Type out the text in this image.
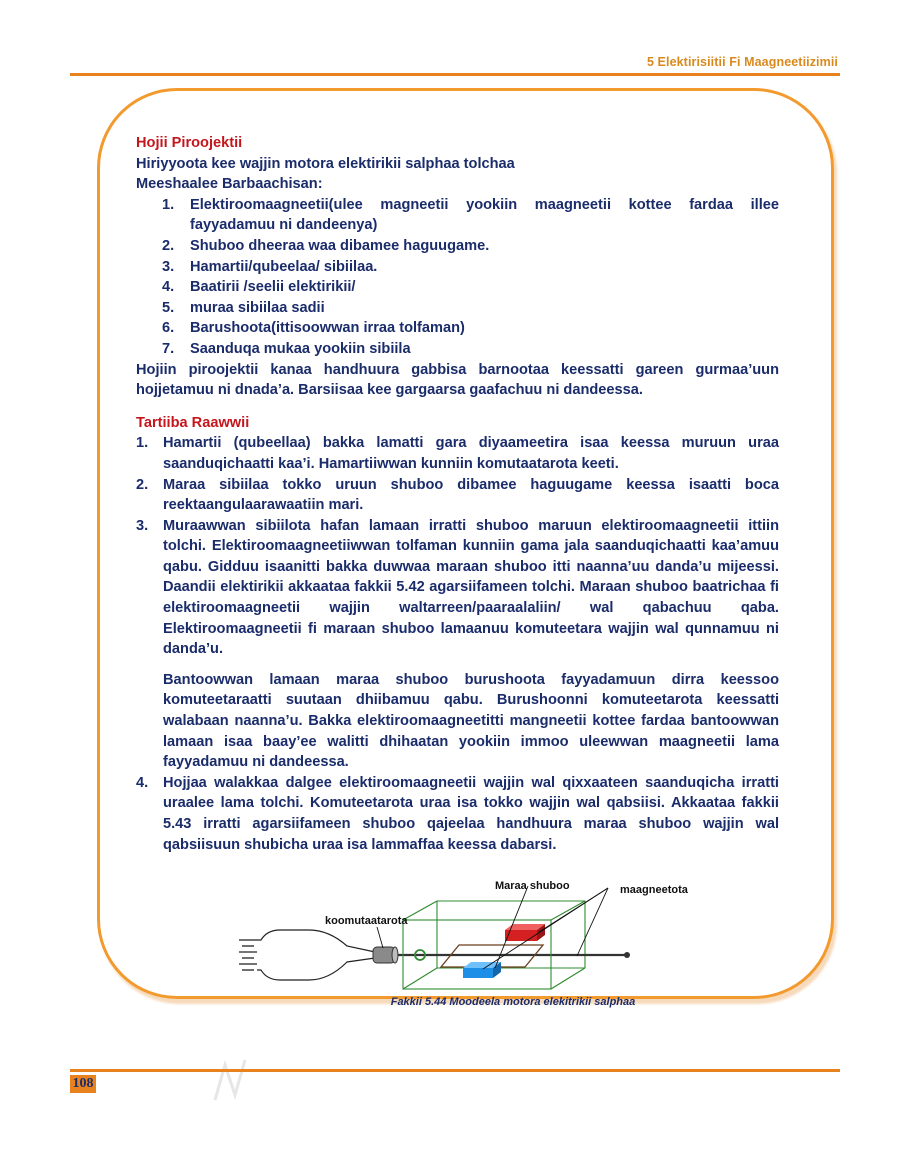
5 Elektirisiitii Fi Maagneetiizimii
Hojii Piroojektii
Hiriyyoota kee wajjin motora elektirikii salphaa tolchaa
Meeshaalee Barbaachisan:
1. Elektiroomaagneetii(ulee magneetii yookiin maagneetii kottee fardaa illee fayyadamuu ni dandeenya)
2. Shuboo dheeraa waa dibamee haguugame.
3. Hamartii/qubeelaa/ sibiilaa.
4. Baatirii /seelii elektirikii/
5. muraa sibiilaa sadii
6. Barushoota(ittisoowwan irraa tolfaman)
7. Saanduqa mukaa yookiin sibiila
Hojiin piroojektii kanaa handhuura gabbisa barnootaa keessatti gareen gurmaa’uun hojjetamuu ni dnada’a. Barsiisaa kee gargaarsa gaafachuu ni dandeessa.
Tartiiba Raawwii
1. Hamartii (qubeellaa) bakka lamatti gara diyaameetira isaa keessa muruun uraa saanduqichaatti kaa’i. Hamartiiwwan kunniin komutaatarota keeti.
2. Maraa sibiilaa tokko uruun shuboo dibamee haguugame keessa isaatti boca reektaangulaarawaatiin mari.
3. Muraawwan sibiilota hafan lamaan irratti shuboo maruun elektiroomaagneetii ittiin tolchi. Elektiroomaagneetiiwwan tolfaman kunniin gama jala saanduqichaatti kaa’amuu qabu. Gidduu isaanitti bakka duwwaa maraan shuboo itti naanna’uu danda’u mijeessi. Daandii elektirikii akkaataa fakkii 5.42 agarsiifameen tolchi. Maraan shuboo baatrichaa fi elektiroomaagneetii wajjin waltarreen/paaraalaliin/ wal qabachuu qaba. Elektiroomaagneetii fi maraan shuboo lamaanuu komuteetara wajjin wal qunnamuu ni danda’u.
Bantoowwan lamaan maraa shuboo burushoota fayyadamuun dirra keessoo komuteetaraatti suutaan dhiibamuu qabu. Burushoonni komuteetarota keessatti walabaan naanna’u. Bakka elektiroomaagneetitti mangneetii kottee fardaa bantoowwan lamaan isaa baay’ee walitti dhihaatan yookiin immoo uleewwan maagneetii lama fayyadamuu ni dandeessa.
4. Hojjaa walakkaa dalgee elektiroomaagneetii wajjin wal qixxaateen saanduqicha irratti uraalee lama tolchi. Komuteetarota uraa isa tokko wajjin wal qabsiisi. Akkaataa fakkii 5.43 irratti agarsiifameen shuboo qajeelaa handhuura maraa shuboo wajjin wal qabsiisuun shubicha uraa isa lammaffaa keessa dabarsi.
Maraa shuboo	maagneetota
koomutaatarota
Fakkii 5.44 Moodeela motora elekitrikii salphaa
108
